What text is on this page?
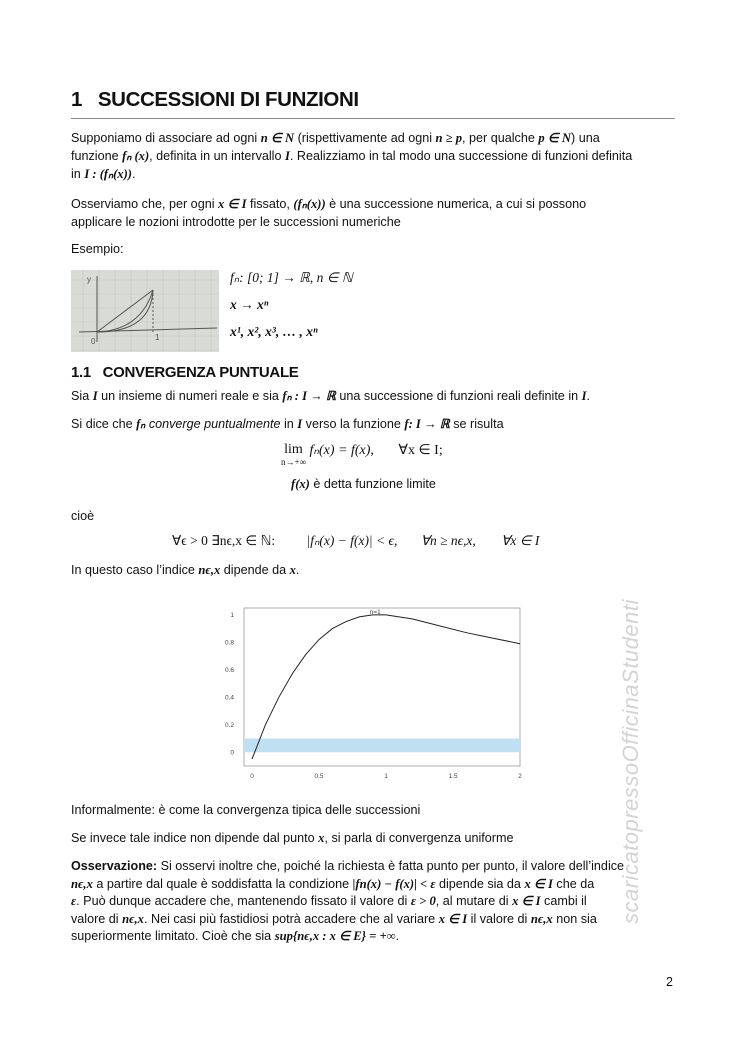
1 SUCCESSIONI DI FUNZIONI
Supponiamo di associare ad ogni n ∈ N (rispettivamente ad ogni n ≥ p, per qualche p ∈ N) una
funzione fₙ (x), definita in un intervallo I. Realizziamo in tal modo una successione di funzioni definita
in I : (fₙ(x)).
Osserviamo che, per ogni x ∈ I fissato, (fₙ(x)) è una successione numerica, a cui si possono
applicare le nozioni introdotte per le successioni numeriche
Esempio:
y
0	1
fₙ: [0; 1] → ℝ, n ∈ ℕ
x → xⁿ
x¹, x², x³, … , xⁿ
1.1 CONVERGENZA PUNTUALE
Sia I un insieme di numeri reale e sia fₙ : I → ℝ una successione di funzioni reali definite in I.
Si dice che fₙ converge puntualmente in I verso la funzione f: I → ℝ se risulta
lim
$^{n\to+\infty}$ fₙ(x) = f(x), ∀x ∈ I;
f(x) è detta funzione limite
cioè
∀ϵ > 0 ∃nϵ,x ∈ ℕ: |fₙ(x) − f(x)| < ϵ, ∀n ≥ nϵ,x, ∀x ∈ I
In questo caso l’indice nϵ,x dipende da x.
0	0.5	1	1.5	2
0
0.2
0.4
0.6
0.8
1	n=1
Informalmente: è come la convergenza tipica delle successioni
Se invece tale indice non dipende dal punto x, si parla di convergenza uniforme
Osservazione: Si osservi inoltre che, poiché la richiesta è fatta punto per punto, il valore dell’indice
nϵ,x a partire dal quale è soddisfatta la condizione |fn(x) − f(x)| < ε dipende sia da x ∈ I che da
ε. Può dunque accadere che, mantenendo fissato il valore di ε > 0, al mutare di x ∈ I cambi il
valore di nϵ,x. Nei casi più fastidiosi potrà accadere che al variare x ∈ I il valore di nϵ,x non sia
superiormente limitato. Cioè che sia sup{nϵ,x : x ∈ E} = +∞.
scaricatopressoOfficinaStudenti
2
